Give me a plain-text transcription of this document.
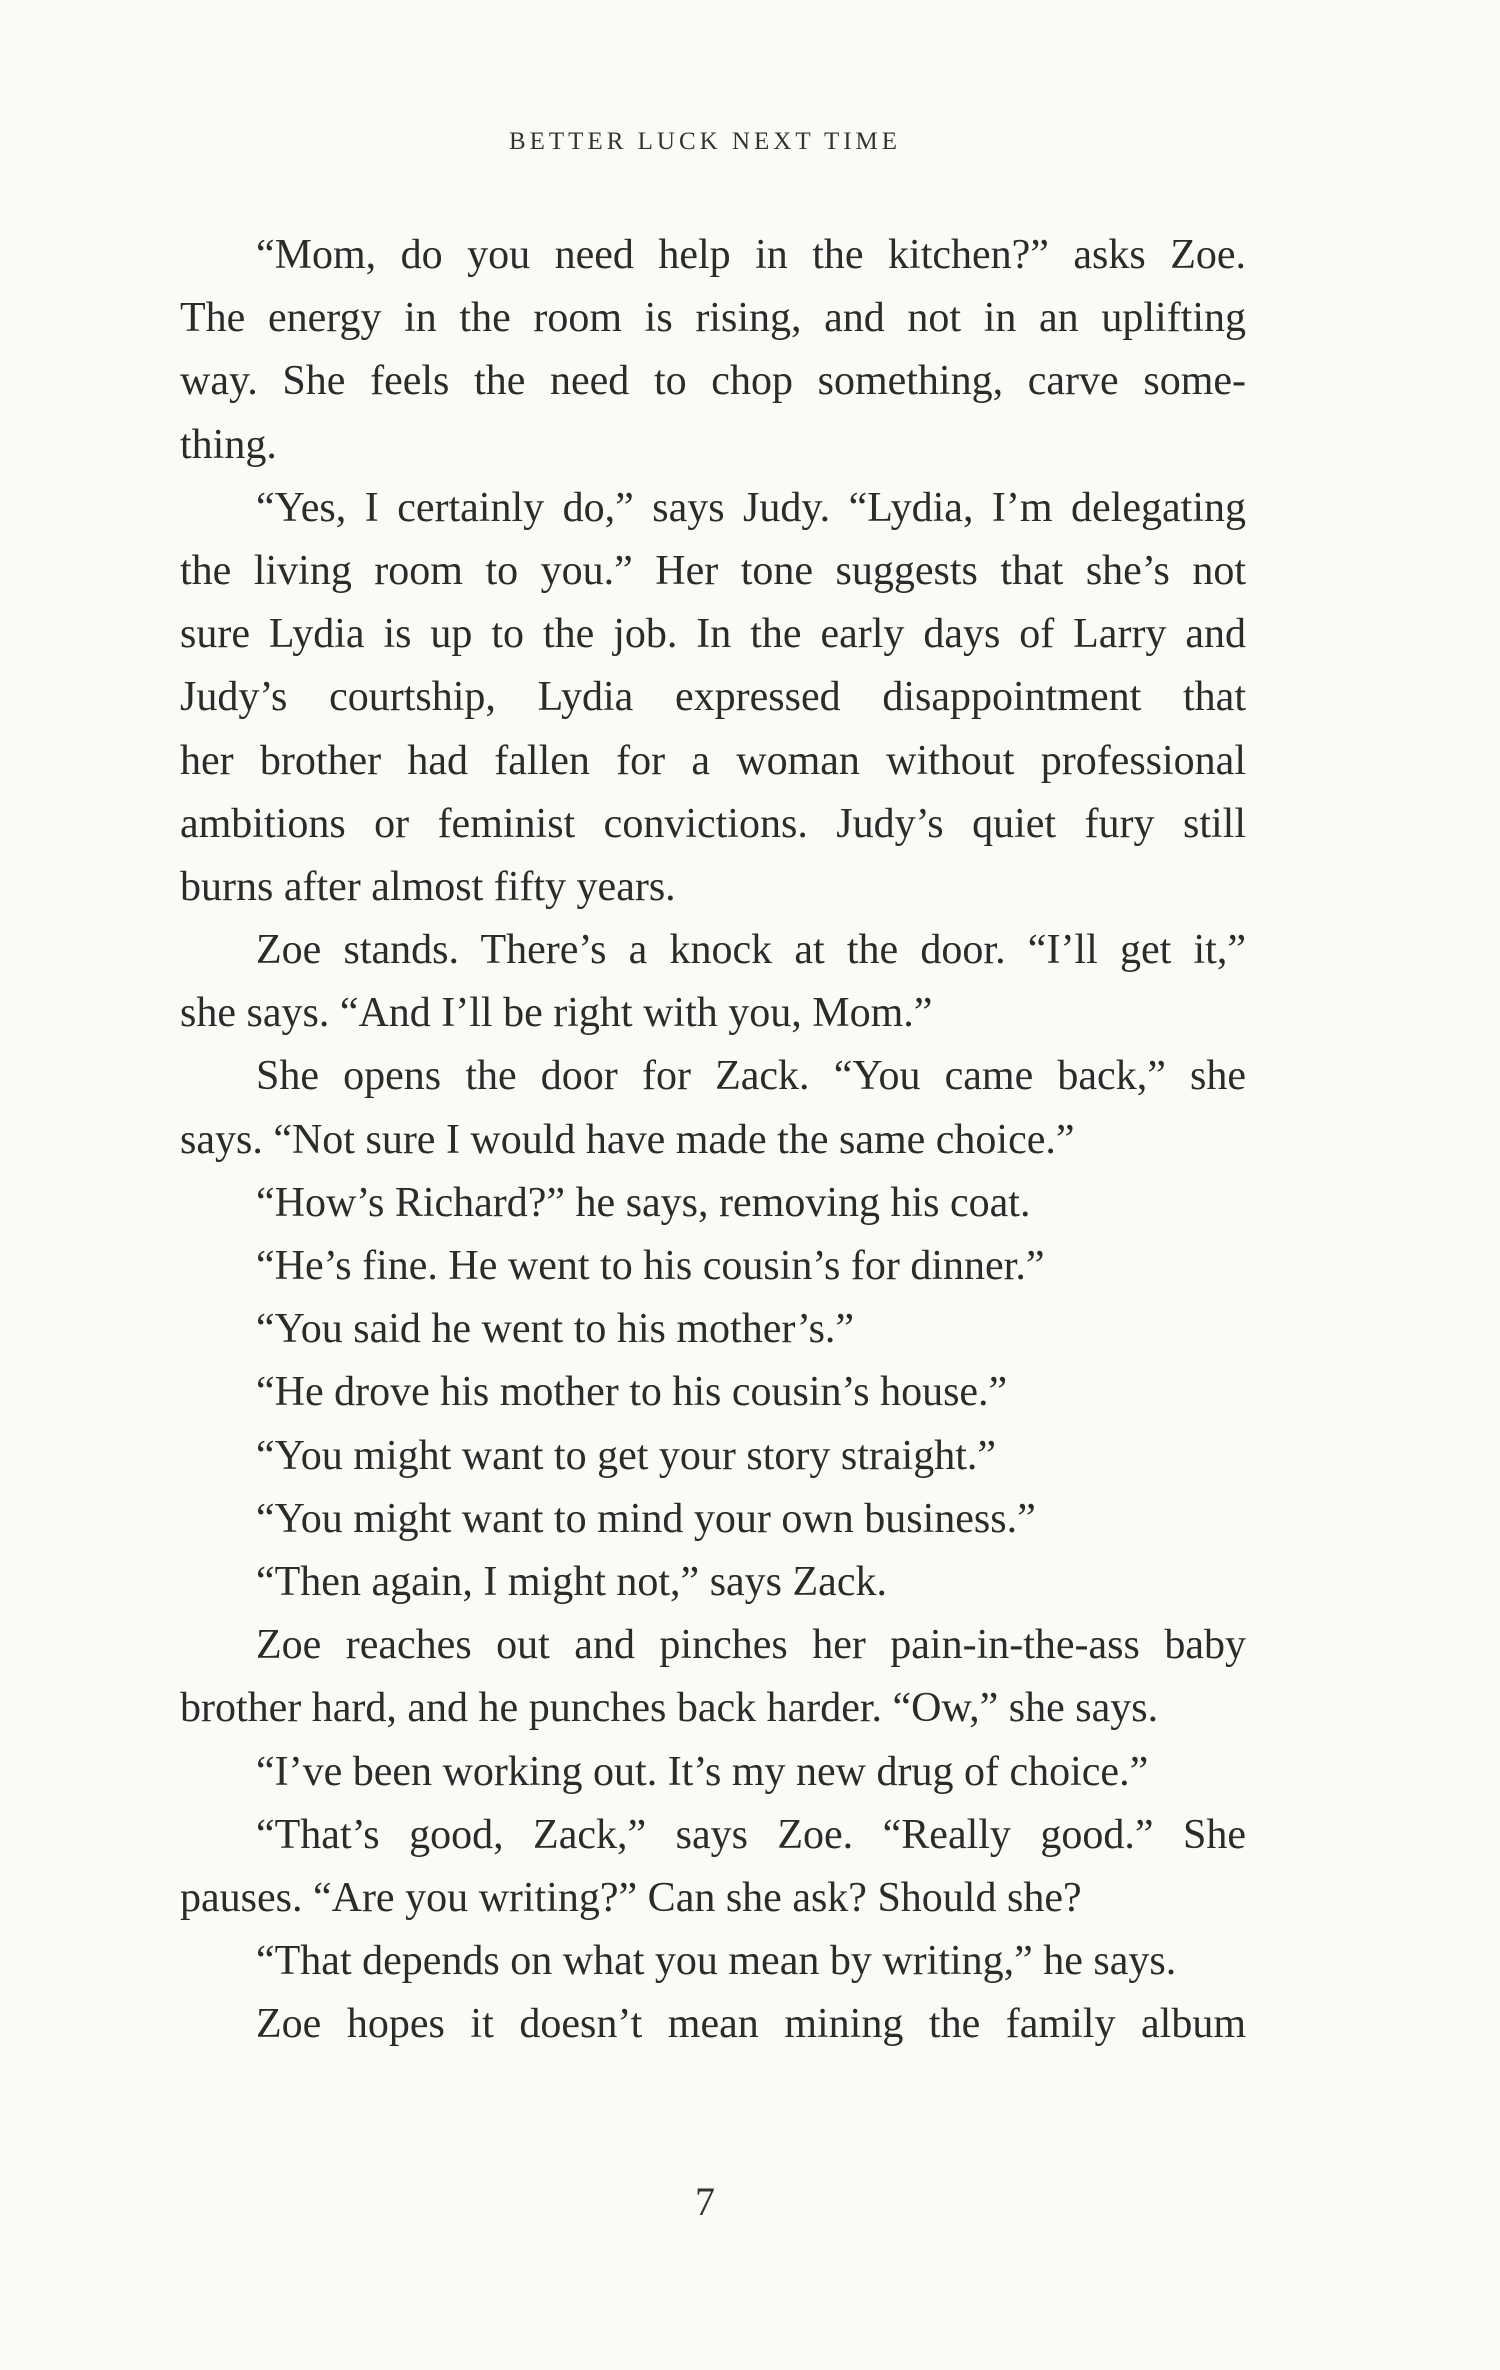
BETTER LUCK NEXT TIME
“Mom, do you need help in the kitchen?” asks Zoe.
The energy in the room is rising, and not in an uplifting
way. She feels the need to chop something, carve some-
thing.
“Yes, I certainly do,” says Judy. “Lydia, I’m delegating
the living room to you.” Her tone suggests that she’s not
sure Lydia is up to the job. In the early days of Larry and
Judy’s courtship, Lydia expressed disappointment that
her brother had fallen for a woman without professional
ambitions or feminist convictions. Judy’s quiet fury still
burns after almost fifty years.
Zoe stands. There’s a knock at the door. “I’ll get it,”
she says. “And I’ll be right with you, Mom.”
She opens the door for Zack. “You came back,” she
says. “Not sure I would have made the same choice.”
“How’s Richard?” he says, removing his coat.
“He’s fine. He went to his cousin’s for dinner.”
“You said he went to his mother’s.”
“He drove his mother to his cousin’s house.”
“You might want to get your story straight.”
“You might want to mind your own business.”
“Then again, I might not,” says Zack.
Zoe reaches out and pinches her pain-in-the-ass baby
brother hard, and he punches back harder. “Ow,” she says.
“I’ve been working out. It’s my new drug of choice.”
“That’s good, Zack,” says Zoe. “Really good.” She
pauses. “Are you writing?” Can she ask? Should she?
“That depends on what you mean by writing,” he says.
Zoe hopes it doesn’t mean mining the family album
7
